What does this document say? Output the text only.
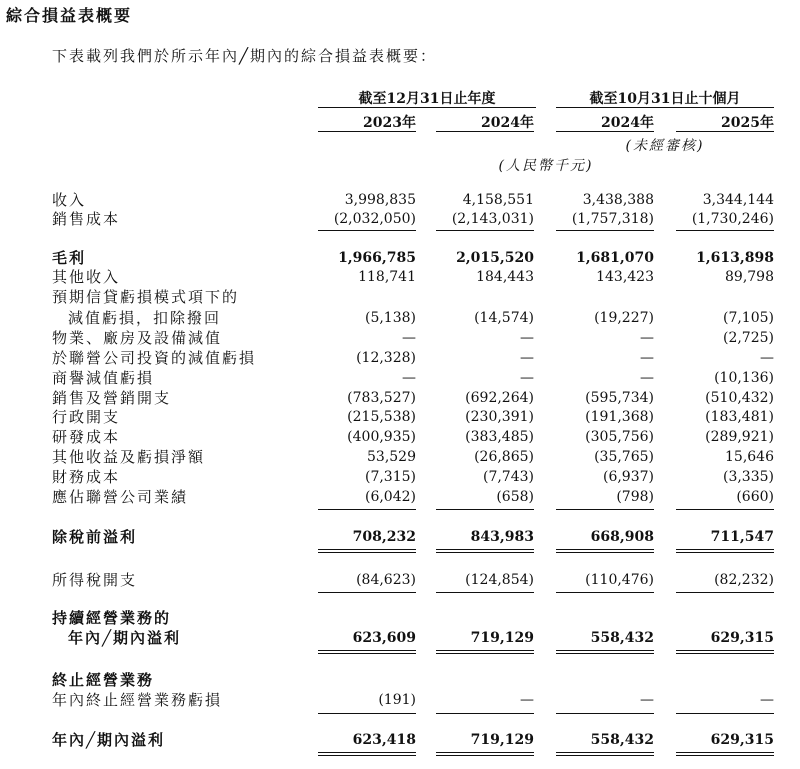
綜合損益表概要
下表載列我們於所示年內╱期內的綜合損益表概要：
截至12月31日止年度	截至10月31日止十個月
2023年	2024年	2024年	2025年
(未經審核)
(人民幣千元)
收入	3,998,835	4,158,551	3,438,388	3,344,144
銷售成本	(2,032,050)	(2,143,031)	(1,757,318)	(1,730,246)
毛利	1,966,785	2,015,520	1,681,070	1,613,898
其他收入	118,741	184,443	143,423	89,798
預期信貸虧損模式項下的
減值虧損，扣除撥回	(5,138)	(14,574)	(19,227)	(7,105)
物業、廠房及設備減值	—	—	—	(2,725)
於聯營公司投資的減值虧損	(12,328)	—	—	—
商譽減值虧損	—	—	—	(10,136)
銷售及營銷開支	(783,527)	(692,264)	(595,734)	(510,432)
行政開支	(215,538)	(230,391)	(191,368)	(183,481)
研發成本	(400,935)	(383,485)	(305,756)	(289,921)
其他收益及虧損淨額	53,529	(26,865)	(35,765)	15,646
財務成本	(7,315)	(7,743)	(6,937)	(3,335)
應佔聯營公司業績	(6,042)	(658)	(798)	(660)
除稅前溢利	708,232	843,983	668,908	711,547
所得稅開支	(84,623)	(124,854)	(110,476)	(82,232)
持續經營業務的
年內╱期內溢利	623,609	719,129	558,432	629,315
終止經營業務
年內終止經營業務虧損	(191)	—	—	—
年內╱期內溢利	623,418	719,129	558,432	629,315
